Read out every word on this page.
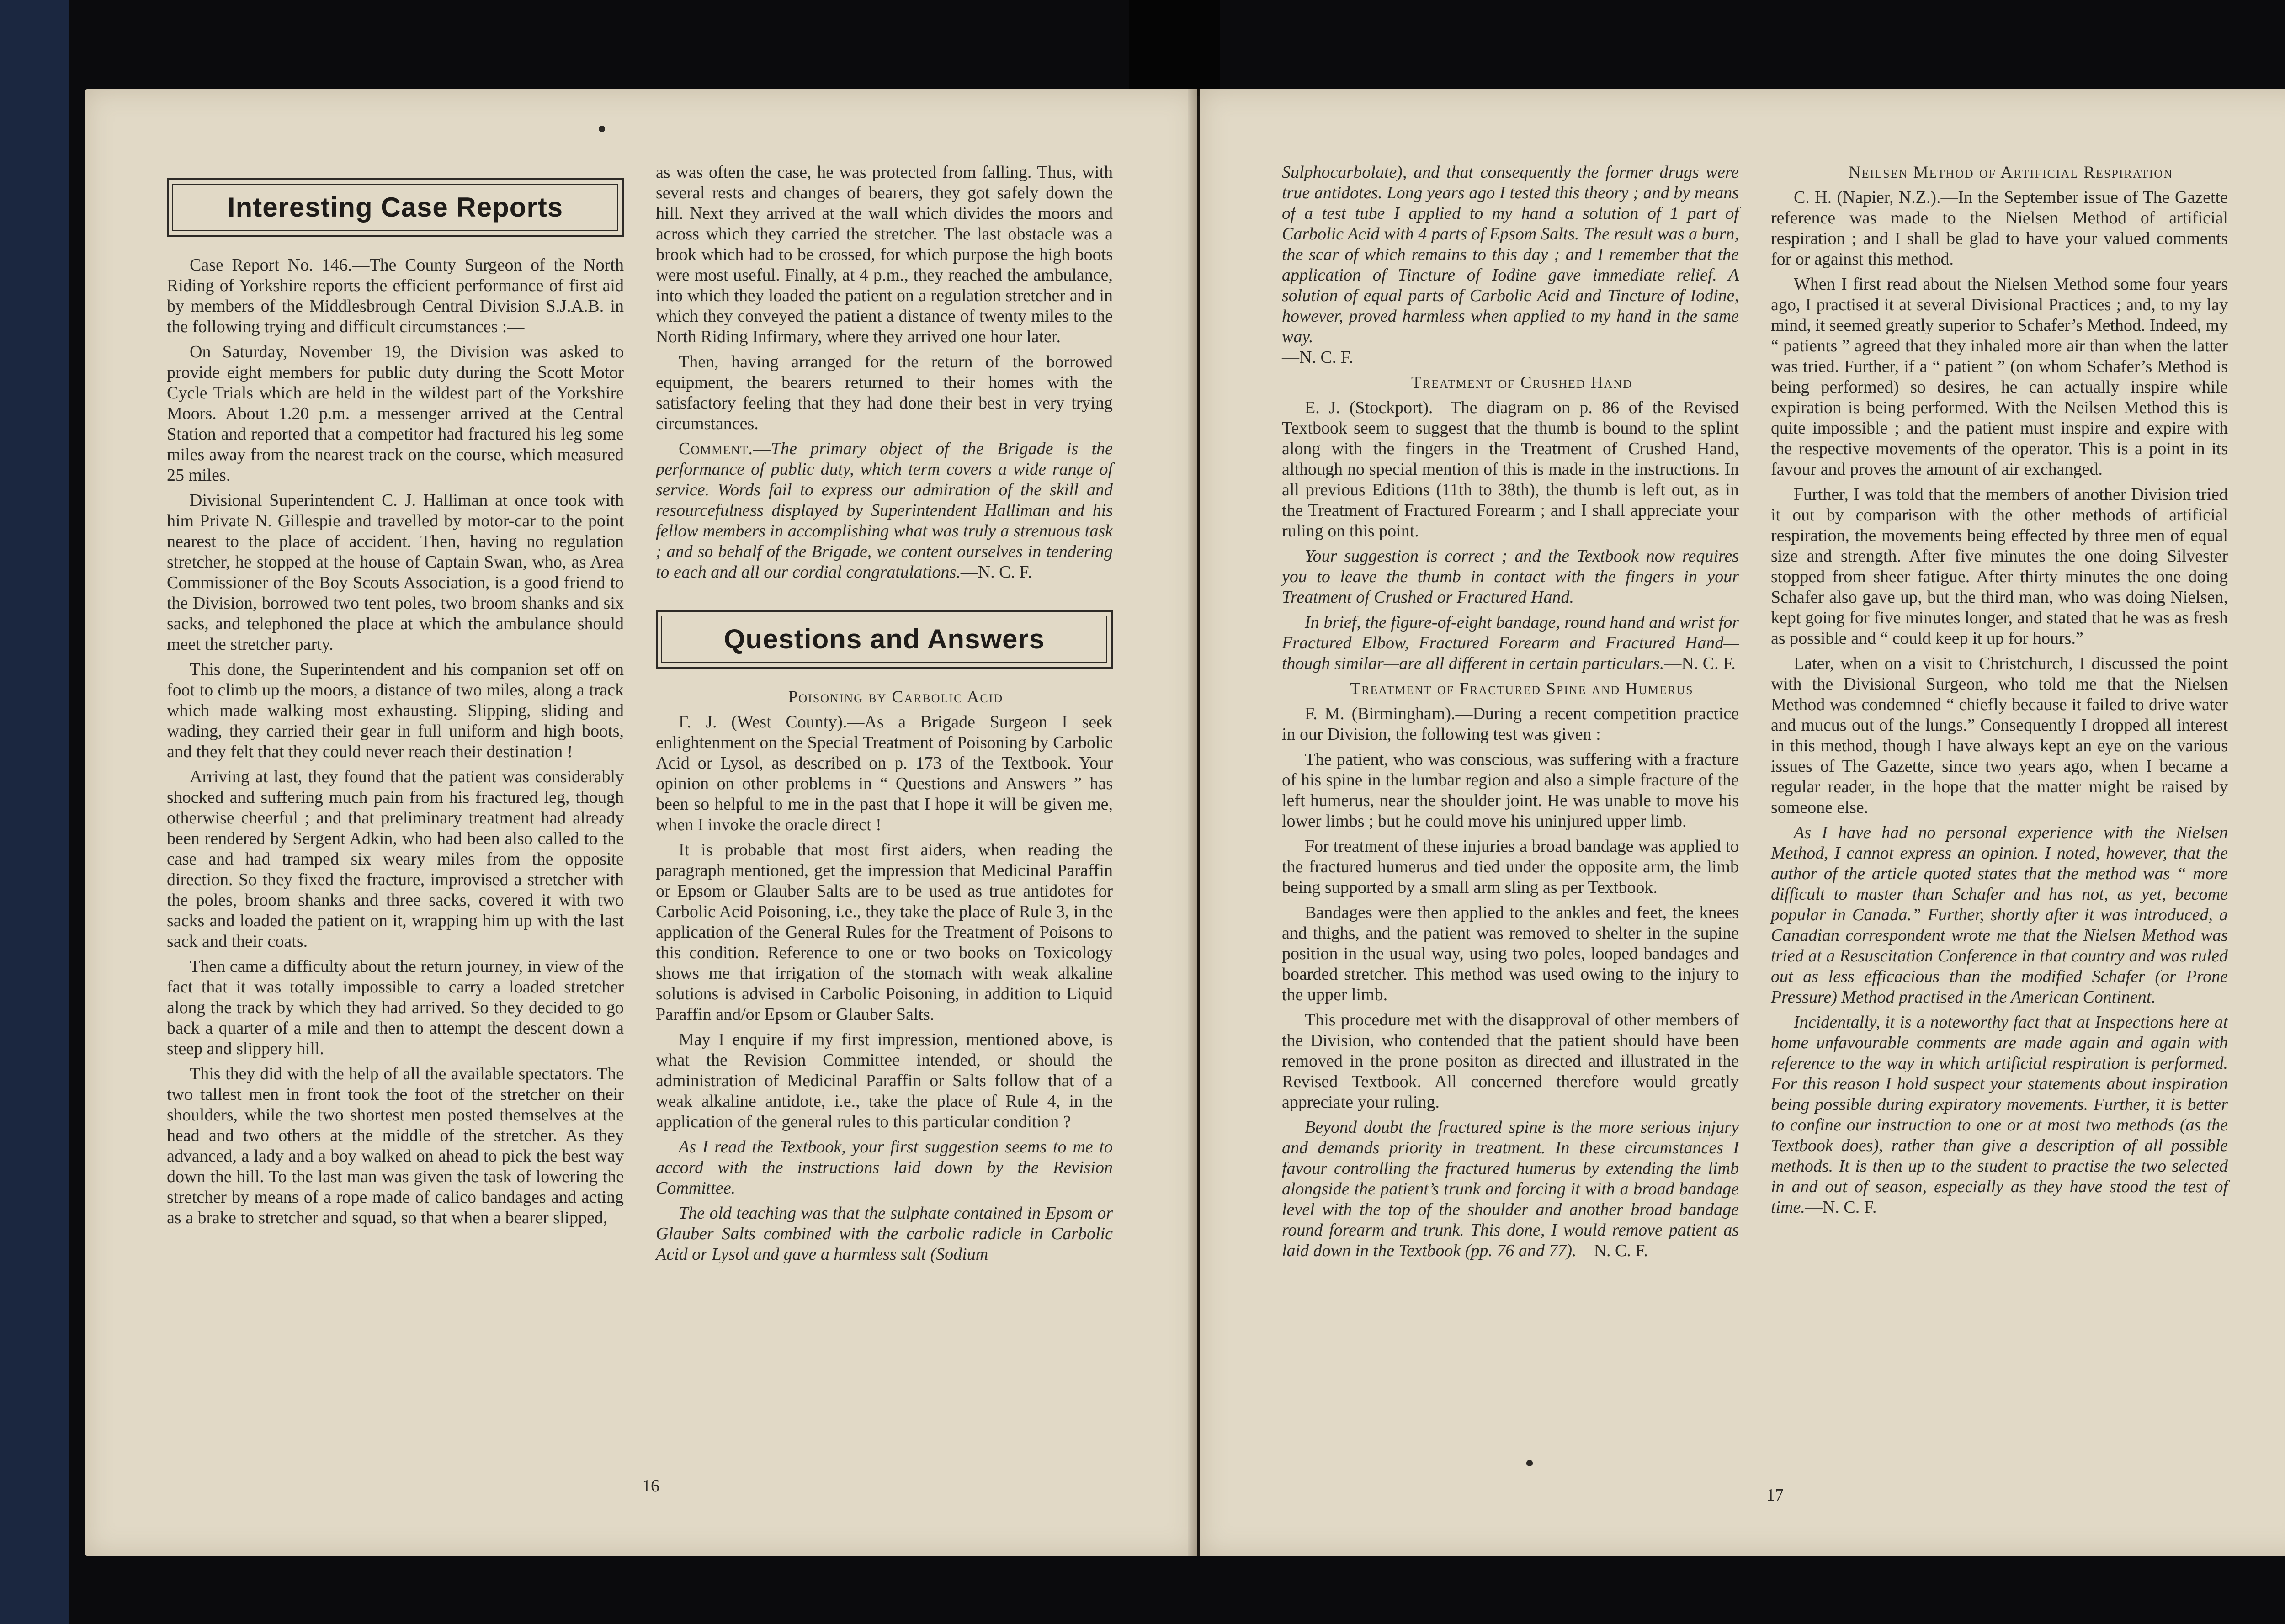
Interesting Case Reports

Case Report No. 146.—The County Surgeon of the North Riding of Yorkshire reports the efficient performance of first aid by members of the Middlesbrough Central Division S.J.A.B. in the following trying and difficult circumstances :—

On Saturday, November 19, the Division was asked to provide eight members for public duty during the Scott Motor Cycle Trials which are held in the wildest part of the Yorkshire Moors. About 1.20 p.m. a messenger arrived at the Central Station and reported that a competitor had fractured his leg some miles away from the nearest track on the course, which measured 25 miles.

Divisional Superintendent C. J. Halliman at once took with him Private N. Gillespie and travelled by motor-car to the point nearest to the place of accident. Then, having no regulation stretcher, he stopped at the house of Captain Swan, who, as Area Commissioner of the Boy Scouts Association, is a good friend to the Division, borrowed two tent poles, two broom shanks and six sacks, and telephoned the place at which the ambulance should meet the stretcher party.

This done, the Superintendent and his companion set off on foot to climb up the moors, a distance of two miles, along a track which made walking most exhausting. Slipping, sliding and wading, they carried their gear in full uniform and high boots, and they felt that they could never reach their destination !

Arriving at last, they found that the patient was considerably shocked and suffering much pain from his fractured leg, though otherwise cheerful ; and that preliminary treatment had already been rendered by Sergent Adkin, who had been also called to the case and had tramped six weary miles from the opposite direction. So they fixed the fracture, improvised a stretcher with the poles, broom shanks and three sacks, covered it with two sacks and loaded the patient on it, wrapping him up with the last sack and their coats.

Then came a difficulty about the return journey, in view of the fact that it was totally impossible to carry a loaded stretcher along the track by which they had arrived. So they decided to go back a quarter of a mile and then to attempt the descent down a steep and slippery hill.

This they did with the help of all the available spectators. The two tallest men in front took the foot of the stretcher on their shoulders, while the two shortest men posted themselves at the head and two others at the middle of the stretcher. As they advanced, a lady and a boy walked on ahead to pick the best way down the hill. To the last man was given the task of lowering the stretcher by means of a rope made of calico bandages and acting as a brake to stretcher and squad, so that when a bearer slipped,

as was often the case, he was protected from falling. Thus, with several rests and changes of bearers, they got safely down the hill. Next they arrived at the wall which divides the moors and across which they carried the stretcher. The last obstacle was a brook which had to be crossed, for which purpose the high boots were most useful. Finally, at 4 p.m., they reached the ambulance, into which they loaded the patient on a regulation stretcher and in which they conveyed the patient a distance of twenty miles to the North Riding Infirmary, where they arrived one hour later.

Then, having arranged for the return of the borrowed equipment, the bearers returned to their homes with the satisfactory feeling that they had done their best in very trying circumstances.

Comment.—The primary object of the Brigade is the performance of public duty, which term covers a wide range of service. Words fail to express our admiration of the skill and resourcefulness displayed by Superintendent Halliman and his fellow members in accomplishing what was truly a strenuous task ; and so behalf of the Brigade, we content ourselves in tendering to each and all our cordial congratulations.—N. C. F.

Questions and Answers

Poisoning by Carbolic Acid

F. J. (West County).—As a Brigade Surgeon I seek enlightenment on the Special Treatment of Poisoning by Carbolic Acid or Lysol, as described on p. 173 of the Textbook. Your opinion on other problems in “ Questions and Answers ” has been so helpful to me in the past that I hope it will be given me, when I invoke the oracle direct !

It is probable that most first aiders, when reading the paragraph mentioned, get the impression that Medicinal Paraffin or Epsom or Glauber Salts are to be used as true antidotes for Carbolic Acid Poisoning, i.e., they take the place of Rule 3, in the application of the General Rules for the Treatment of Poisons to this condition. Reference to one or two books on Toxicology shows me that irrigation of the stomach with weak alkaline solutions is advised in Carbolic Poisoning, in addition to Liquid Paraffin and/or Epsom or Glauber Salts.

May I enquire if my first impression, mentioned above, is what the Revision Committee intended, or should the administration of Medicinal Paraffin or Salts follow that of a weak alkaline antidote, i.e., take the place of Rule 4, in the application of the general rules to this particular condition ?

As I read the Textbook, your first suggestion seems to me to accord with the instructions laid down by the Revision Committee.

The old teaching was that the sulphate contained in Epsom or Glauber Salts combined with the carbolic radicle in Carbolic Acid or Lysol and gave a harmless salt (Sodium

16

Sulphocarbolate), and that consequently the former drugs were true antidotes. Long years ago I tested this theory ; and by means of a test tube I applied to my hand a solution of 1 part of Carbolic Acid with 4 parts of Epsom Salts. The result was a burn, the scar of which remains to this day ; and I remember that the application of Tincture of Iodine gave immediate relief. A solution of equal parts of Carbolic Acid and Tincture of Iodine, however, proved harmless when applied to my hand in the same way.
—N. C. F.

Treatment of Crushed Hand

E. J. (Stockport).—The diagram on p. 86 of the Revised Textbook seem to suggest that the thumb is bound to the splint along with the fingers in the Treatment of Crushed Hand, although no special mention of this is made in the instructions. In all previous Editions (11th to 38th), the thumb is left out, as in the Treatment of Fractured Forearm ; and I shall appreciate your ruling on this point.

Your suggestion is correct ; and the Textbook now requires you to leave the thumb in contact with the fingers in your Treatment of Crushed or Fractured Hand.

In brief, the figure-of-eight bandage, round hand and wrist for Fractured Elbow, Fractured Forearm and Fractured Hand—though similar—are all different in certain particulars.—N. C. F.

Treatment of Fractured Spine and Humerus

F. M. (Birmingham).—During a recent competition practice in our Division, the following test was given :

The patient, who was conscious, was suffering with a fracture of his spine in the lumbar region and also a simple fracture of the left humerus, near the shoulder joint. He was unable to move his lower limbs ; but he could move his uninjured upper limb.

For treatment of these injuries a broad bandage was applied to the fractured humerus and tied under the opposite arm, the limb being supported by a small arm sling as per Textbook.

Bandages were then applied to the ankles and feet, the knees and thighs, and the patient was removed to shelter in the supine position in the usual way, using two poles, looped bandages and boarded stretcher. This method was used owing to the injury to the upper limb.

This procedure met with the disapproval of other members of the Division, who contended that the patient should have been removed in the prone positon as directed and illustrated in the Revised Textbook. All concerned therefore would greatly appreciate your ruling.

Beyond doubt the fractured spine is the more serious injury and demands priority in treatment. In these circumstances I favour controlling the fractured humerus by extending the limb alongside the patient’s trunk and forcing it with a broad bandage level with the top of the shoulder and another broad bandage round forearm and trunk. This done, I would remove patient as laid down in the Textbook (pp. 76 and 77).—N. C. F.

Neilsen Method of Artificial Respiration

C. H. (Napier, N.Z.).—In the September issue of The Gazette reference was made to the Nielsen Method of artificial respiration ; and I shall be glad to have your valued comments for or against this method.

When I first read about the Nielsen Method some four years ago, I practised it at several Divisional Practices ; and, to my lay mind, it seemed greatly superior to Schafer’s Method. Indeed, my “ patients ” agreed that they inhaled more air than when the latter was tried. Further, if a “ patient ” (on whom Schafer’s Method is being performed) so desires, he can actually inspire while expiration is being performed. With the Neilsen Method this is quite impossible ; and the patient must inspire and expire with the respective movements of the operator. This is a point in its favour and proves the amount of air exchanged.

Further, I was told that the members of another Division tried it out by comparison with the other methods of artificial respiration, the movements being effected by three men of equal size and strength. After five minutes the one doing Silvester stopped from sheer fatigue. After thirty minutes the one doing Schafer also gave up, but the third man, who was doing Nielsen, kept going for five minutes longer, and stated that he was as fresh as possible and “ could keep it up for hours.”

Later, when on a visit to Christchurch, I discussed the point with the Divisional Surgeon, who told me that the Nielsen Method was condemned “ chiefly because it failed to drive water and mucus out of the lungs.” Consequently I dropped all interest in this method, though I have always kept an eye on the various issues of The Gazette, since two years ago, when I became a regular reader, in the hope that the matter might be raised by someone else.

As I have had no personal experience with the Nielsen Method, I cannot express an opinion. I noted, however, that the author of the article quoted states that the method was “ more difficult to master than Schafer and has not, as yet, become popular in Canada.” Further, shortly after it was introduced, a Canadian correspondent wrote me that the Nielsen Method was tried at a Resuscitation Conference in that country and was ruled out as less efficacious than the modified Schafer (or Prone Pressure) Method practised in the American Continent.

Incidentally, it is a noteworthy fact that at Inspections here at home unfavourable comments are made again and again with reference to the way in which artificial respiration is performed. For this reason I hold suspect your statements about inspiration being possible during expiratory movements. Further, it is better to confine our instruction to one or at most two methods (as the Textbook does), rather than give a description of all possible methods. It is then up to the student to practise the two selected in and out of season, especially as they have stood the test of time.—N. C. F.

17
